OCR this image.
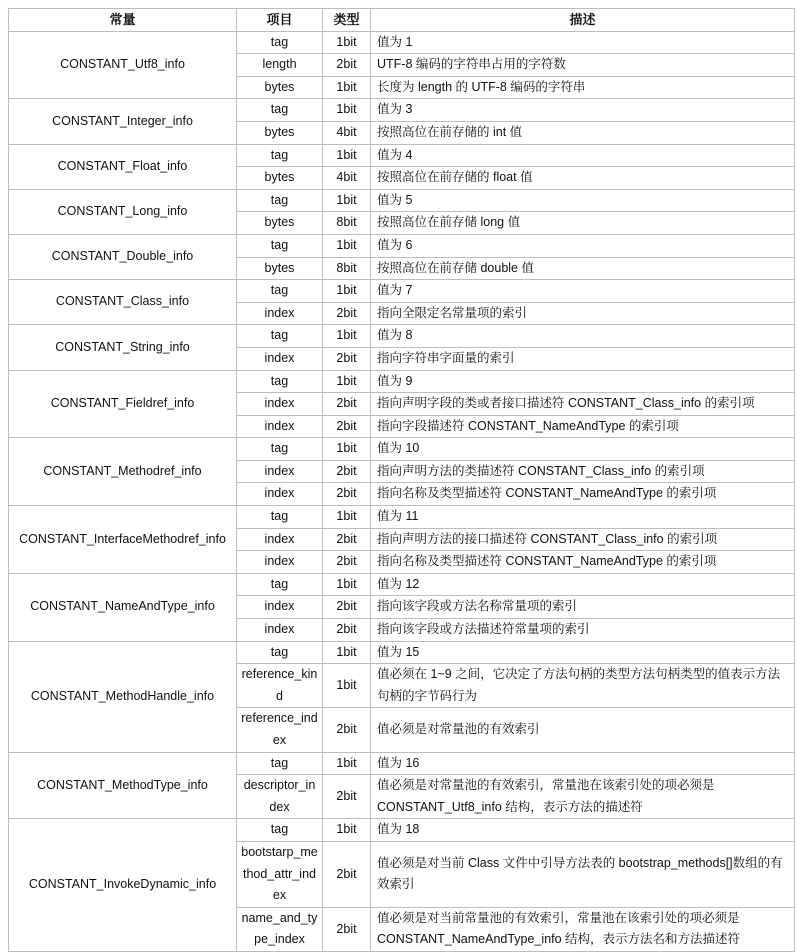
常量	项目	类型	描述
CONSTANT_Utf8_info	tag	1bit	值为 1
	length	2bit	UTF-8 编码的字符串占用的字符数
	bytes	1bit	长度为 length 的 UTF-8 编码的字符串
CONSTANT_Integer_info	tag	1bit	值为 3
	bytes	4bit	按照高位在前存储的 int 值
CONSTANT_Float_info	tag	1bit	值为 4
	bytes	4bit	按照高位在前存储的 float 值
CONSTANT_Long_info	tag	1bit	值为 5
	bytes	8bit	按照高位在前存储 long 值
CONSTANT_Double_info	tag	1bit	值为 6
	bytes	8bit	按照高位在前存储 double 值
CONSTANT_Class_info	tag	1bit	值为 7
	index	2bit	指向全限定名常量项的索引
CONSTANT_String_info	tag	1bit	值为 8
	index	2bit	指向字符串字面量的索引
CONSTANT_Fieldref_info	tag	1bit	值为 9
	index	2bit	指向声明字段的类或者接口描述符 CONSTANT_Class_info 的索引项
	index	2bit	指向字段描述符 CONSTANT_NameAndType 的索引项
CONSTANT_Methodref_info	tag	1bit	值为 10
	index	2bit	指向声明方法的类描述符 CONSTANT_Class_info 的索引项
	index	2bit	指向名称及类型描述符 CONSTANT_NameAndType 的索引项
CONSTANT_InterfaceMethodref_info	tag	1bit	值为 11
	index	2bit	指向声明方法的接口描述符 CONSTANT_Class_info 的索引项
	index	2bit	指向名称及类型描述符 CONSTANT_NameAndType 的索引项
CONSTANT_NameAndType_info	tag	1bit	值为 12
	index	2bit	指向该字段或方法名称常量项的索引
	index	2bit	指向该字段或方法描述符常量项的索引
CONSTANT_MethodHandle_info	tag	1bit	值为 15
	reference_kind	1bit	值必须在 1~9 之间，它决定了方法句柄的类型方法句柄类型的值表示方法句柄的字节码行为
	reference_index	2bit	值必须是对常量池的有效索引
CONSTANT_MethodType_info	tag	1bit	值为 16
	descriptor_index	2bit	值必须是对常量池的有效索引，常量池在该索引处的项必须是 CONSTANT_Utf8_info 结构，表示方法的描述符
CONSTANT_InvokeDynamic_info	tag	1bit	值为 18
	bootstarp_method_attr_index	2bit	值必须是对当前 Class 文件中引导方法表的 bootstrap_methods[]数组的有效索引
	name_and_type_index	2bit	值必须是对当前常量池的有效索引，常量池在该索引处的项必须是 CONSTANT_NameAndType_info 结构，表示方法名和方法描述符
